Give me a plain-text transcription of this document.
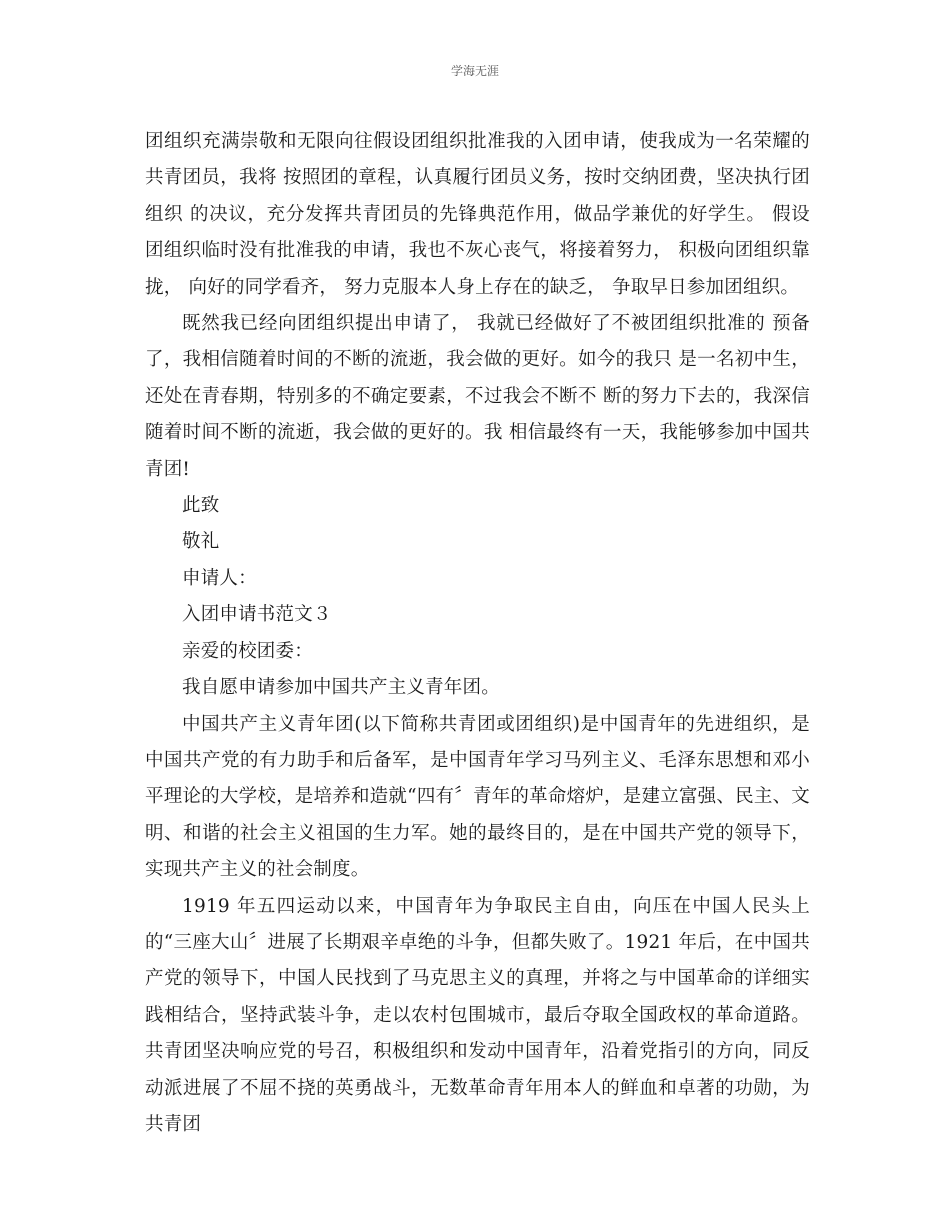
学海无涯

团组织充满崇敬和无限向往假设团组织批准我的入团申请，使我成为一名荣耀的共青团员，我将 按照团的章程，认真履行团员义务，按时交纳团费，坚决执行团组织 的决议，充分发挥共青团员的先锋典范作用，做品学兼优的好学生。 假设团组织临时没有批准我的申请，我也不灰心丧气，将接着努力， 积极向团组织靠拢， 向好的同学看齐， 努力克服本人身上存在的缺乏， 争取早日参加团组织。

既然我已经向团组织提出申请了， 我就已经做好了不被团组织批准的 预备了，我相信随着时间的不断的流逝，我会做的更好。如今的我只 是一名初中生，还处在青春期，特别多的不确定要素，不过我会不断不 断的努力下去的，我深信随着时间不断的流逝，我会做的更好的。我 相信最终有一天，我能够参加中国共青团!

此致

敬礼

申请人：

入团申请书范文３

亲爱的校团委：

我自愿申请参加中国共产主义青年团。

中国共产主义青年团(以下简称共青团或团组织)是中国青年的先进组织，是中国共产党的有力助手和后备军，是中国青年学习马列主义、毛泽东思想和邓小平理论的大学校，是培养和造就“四有〞青年的革命熔炉，是建立富强、民主、文明、和谐的社会主义祖国的生力军。她的最终目的，是在中国共产党的领导下，实现共产主义的社会制度。

1919 年五四运动以来，中国青年为争取民主自由，向压在中国人民头上的“三座大山〞进展了长期艰辛卓绝的斗争，但都失败了。1921 年后，在中国共产党的领导下，中国人民找到了马克思主义的真理，并将之与中国革命的详细实践相结合，坚持武装斗争，走以农村包围城市，最后夺取全国政权的革命道路。共青团坚决响应党的号召，积极组织和发动中国青年，沿着党指引的方向，同反动派进展了不屈不挠的英勇战斗，无数革命青年用本人的鲜血和卓著的功勋，为共青团
